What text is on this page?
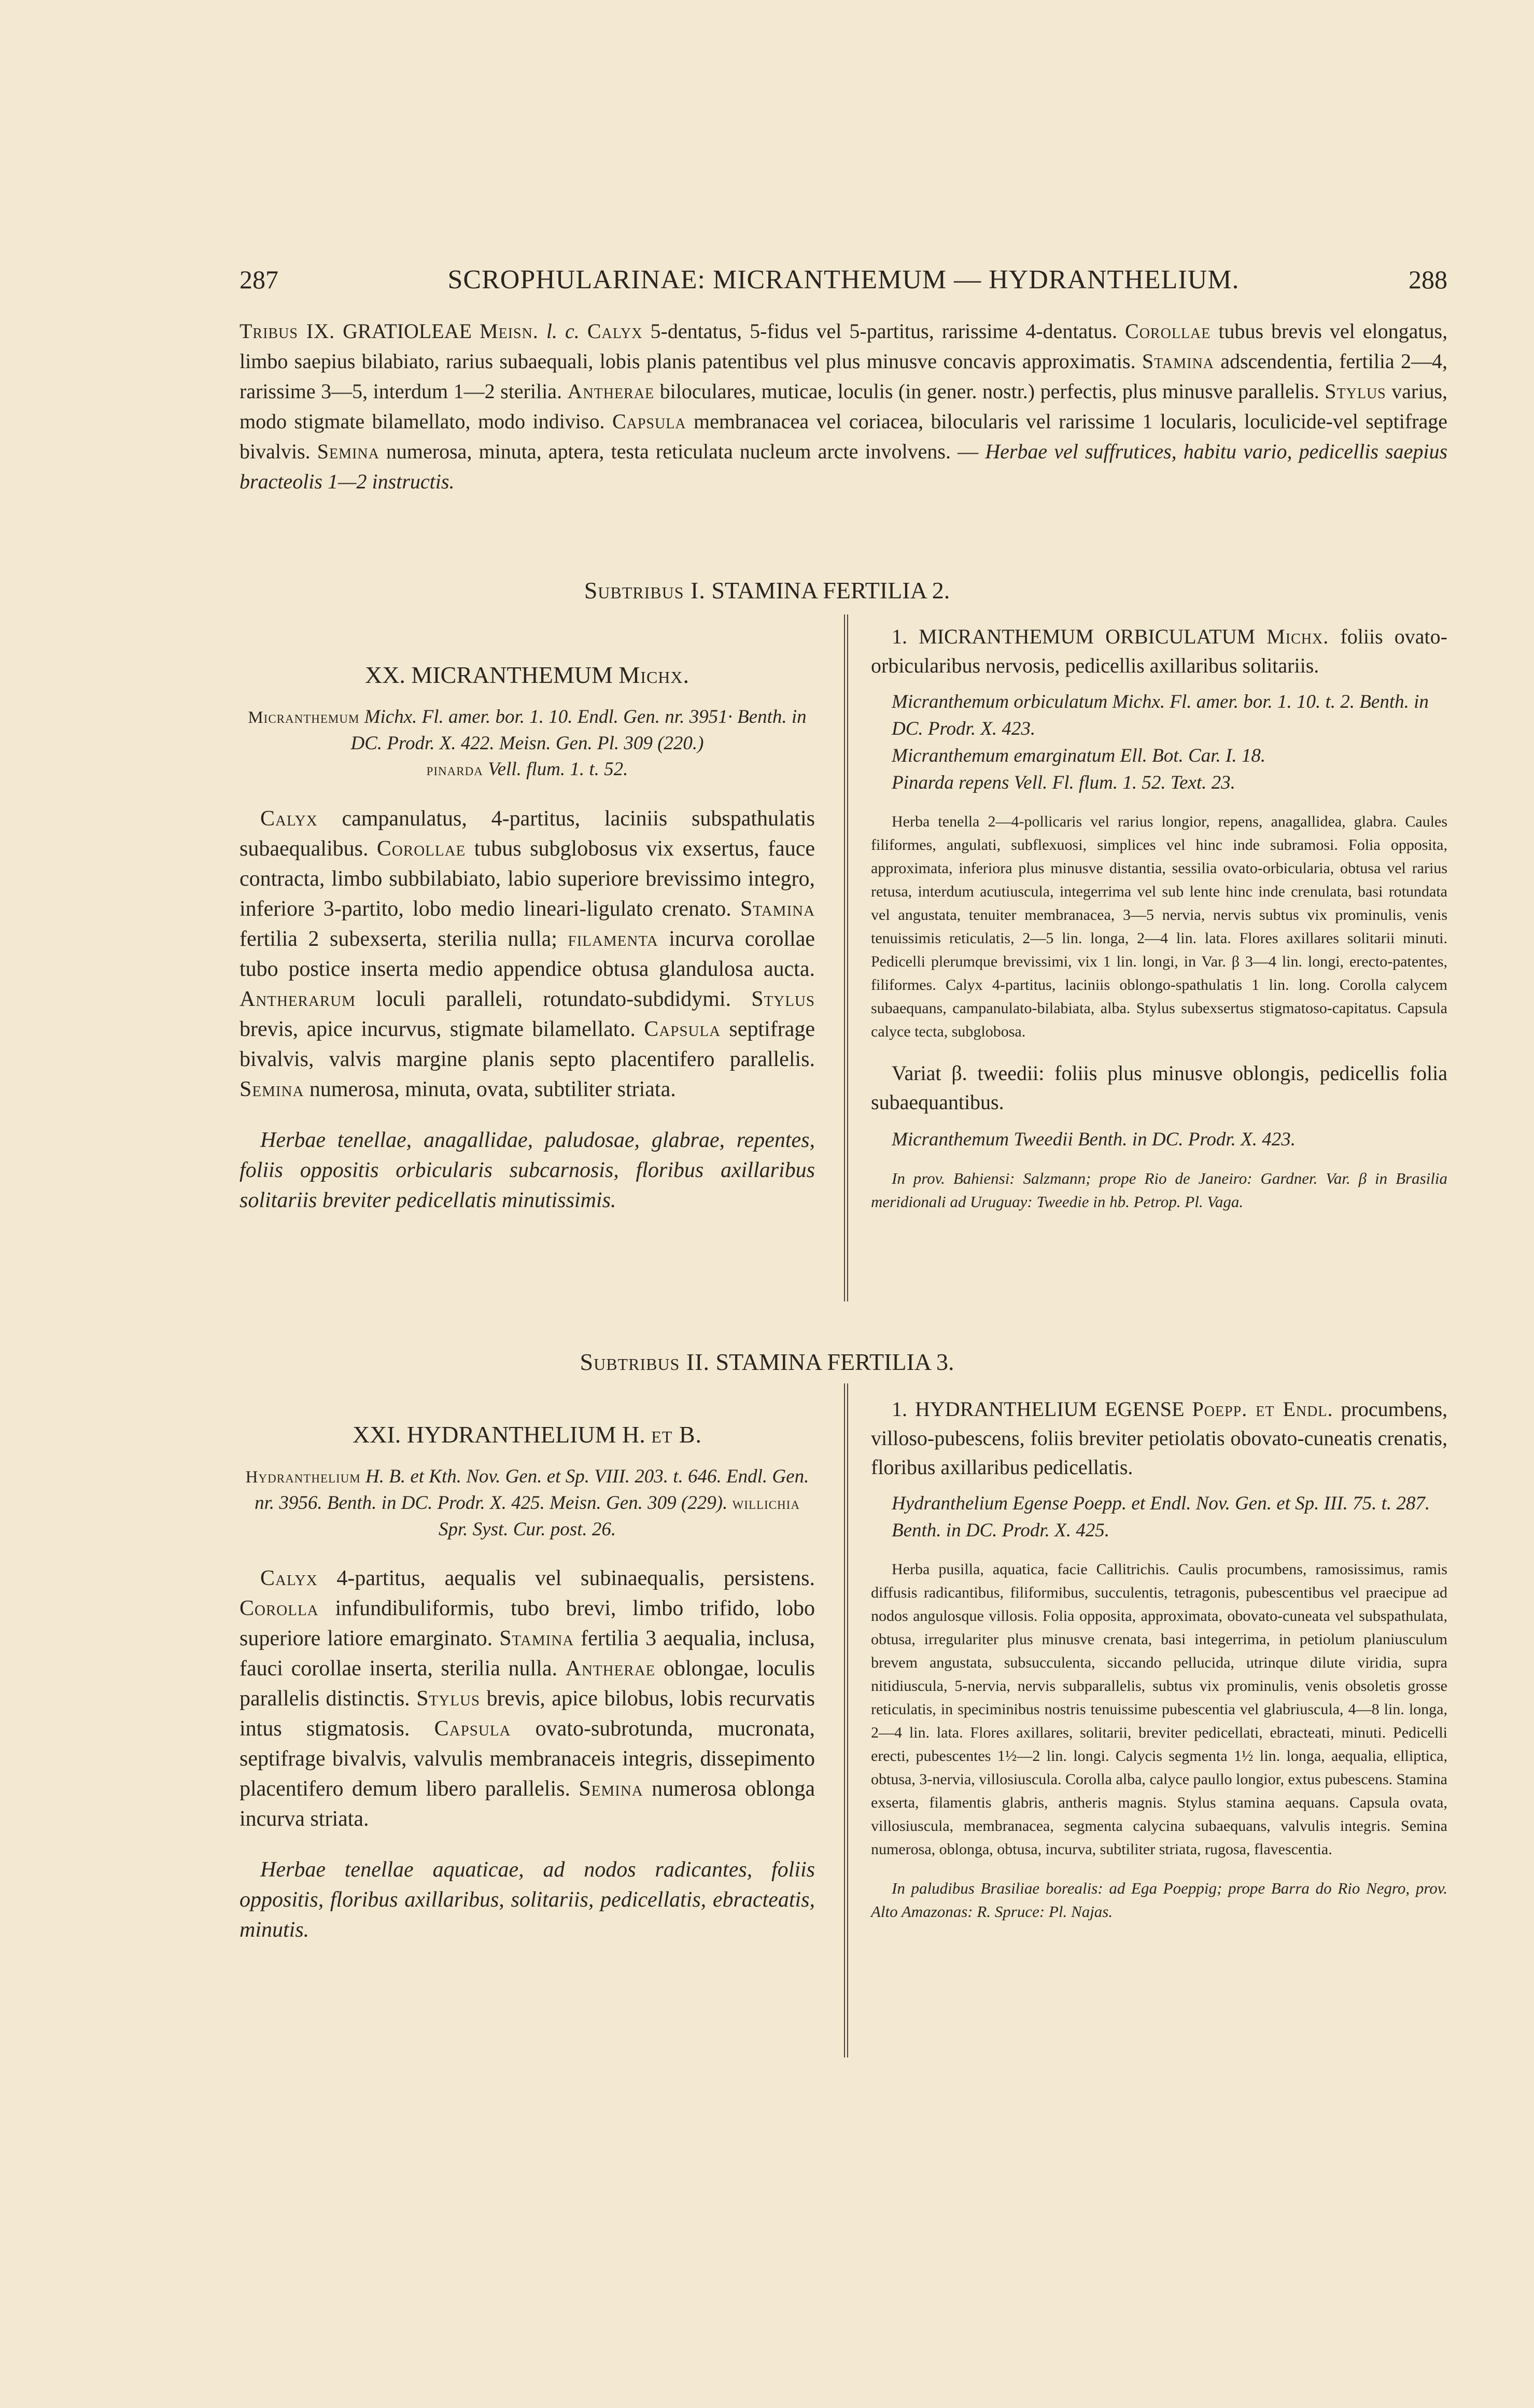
287	SCROPHULARINAE: MICRANTHEMUM — HYDRANTHELIUM.	288
Tribus IX. GRATIOLEAE Meisn. l. c. Calyx 5-dentatus, 5-fidus vel 5-partitus, rarissime 4-dentatus. Corollae tubus brevis vel elongatus, limbo saepius bilabiato, rarius subaequali, lobis planis patentibus vel plus minusve concavis approximatis. Stamina adscendentia, fertilia 2—4, rarissime 3—5, interdum 1—2 sterilia. Antherae biloculares, muticae, loculis (in gener. nostr.) perfectis, plus minusve parallelis. Stylus varius, modo stigmate bilamellato, modo indiviso. Capsula membranacea vel coriacea, bilocularis vel rarissime 1 locularis, loculicide-vel septifrage bivalvis. Semina numerosa, minuta, aptera, testa reticulata nucleum arcte involvens. — Herbae vel suffrutices, habitu vario, pedicellis saepius bracteolis 1—2 instructis.
Subtribus I. STAMINA FERTILIA 2.
XX. MICRANTHEMUM Michx.
Micranthemum Michx. Fl. amer. bor. 1. 10. Endl. Gen. nr. 3951· Benth. in DC. Prodr. X. 422. Meisn. Gen. Pl. 309 (220.)
pinarda Vell. flum. 1. t. 52.

Calyx campanulatus, 4-partitus, laciniis subspathulatis subaequalibus. Corollae tubus subglobosus vix exsertus, fauce contracta, limbo subbilabiato, labio superiore brevissimo integro, inferiore 3-partito, lobo medio lineari-ligulato crenato. Stamina fertilia 2 subexserta, sterilia nulla; filamenta incurva corollae tubo postice inserta medio appendice obtusa glandulosa aucta. Antherarum loculi paralleli, rotundato-subdidymi. Stylus brevis, apice incurvus, stigmate bilamellato. Capsula septifrage bivalvis, valvis margine planis septo placentifero parallelis. Semina numerosa, minuta, ovata, subtiliter striata.

Herbae tenellae, anagallidae, paludosae, glabrae, repentes, foliis oppositis orbicularis subcarnosis, floribus axillaribus solitariis breviter pedicellatis minutissimis.

1. MICRANTHEMUM ORBICULATUM Michx. foliis ovato-orbicularibus nervosis, pedicellis axillaribus solitariis.

Micranthemum orbiculatum Michx. Fl. amer. bor. 1. 10. t. 2. Benth. in DC. Prodr. X. 423.
Micranthemum emarginatum Ell. Bot. Car. I. 18.
Pinarda repens Vell. Fl. flum. 1. 52. Text. 23.

Herba tenella 2—4-pollicaris vel rarius longior, repens, anagallidea, glabra. Caules filiformes, angulati, subflexuosi, simplices vel hinc inde subramosi. Folia opposita, approximata, inferiora plus minusve distantia, sessilia ovato-orbicularia, obtusa vel rarius retusa, interdum acutiuscula, integerrima vel sub lente hinc inde crenulata, basi rotundata vel angustata, tenuiter membranacea, 3—5 nervia, nervis subtus vix prominulis, venis tenuissimis reticulatis, 2—5 lin. longa, 2—4 lin. lata. Flores axillares solitarii minuti. Pedicelli plerumque brevissimi, vix 1 lin. longi, in Var. β 3—4 lin. longi, erecto-patentes, filiformes. Calyx 4-partitus, laciniis oblongo-spathulatis 1 lin. long. Corolla calycem subaequans, campanulato-bilabiata, alba. Stylus subexsertus stigmatoso-capitatus. Capsula calyce tecta, subglobosa.

Variat β. tweedii: foliis plus minusve oblongis, pedicellis folia subaequantibus.

Micranthemum Tweedii Benth. in DC. Prodr. X. 423.

In prov. Bahiensi: Salzmann; prope Rio de Janeiro: Gardner. Var. β in Brasilia meridionali ad Uruguay: Tweedie in hb. Petrop. Pl. Vaga.

Subtribus II. STAMINA FERTILIA 3.
XXI. HYDRANTHELIUM H. et B.
Hydranthelium H. B. et Kth. Nov. Gen. et Sp. VIII. 203. t. 646. Endl. Gen. nr. 3956. Benth. in DC. Prodr. X. 425. Meisn. Gen. 309 (229). willichia Spr. Syst. Cur. post. 26.

Calyx 4-partitus, aequalis vel subinaequalis, persistens. Corolla infundibuliformis, tubo brevi, limbo trifido, lobo superiore latiore emarginato. Stamina fertilia 3 aequalia, inclusa, fauci corollae inserta, sterilia nulla. Antherae oblongae, loculis parallelis distinctis. Stylus brevis, apice bilobus, lobis recurvatis intus stigmatosis. Capsula ovato-subrotunda, mucronata, septifrage bivalvis, valvulis membranaceis integris, dissepimento placentifero demum libero parallelis. Semina numerosa oblonga incurva striata.

Herbae tenellae aquaticae, ad nodos radicantes, foliis oppositis, floribus axillaribus, solitariis, pedicellatis, ebracteatis, minutis.

1. HYDRANTHELIUM EGENSE Poepp. et Endl. procumbens, villoso-pubescens, foliis breviter petiolatis obovato-cuneatis crenatis, floribus axillaribus pedicellatis.

Hydranthelium Egense Poepp. et Endl. Nov. Gen. et Sp. III. 75. t. 287. Benth. in DC. Prodr. X. 425.

Herba pusilla, aquatica, facie Callitrichis. Caulis procumbens, ramosissimus, ramis diffusis radicantibus, filiformibus, succulentis, tetragonis, pubescentibus vel praecipue ad nodos angulosque villosis. Folia opposita, approximata, obovato-cuneata vel subspathulata, obtusa, irregulariter plus minusve crenata, basi integerrima, in petiolum planiusculum brevem angustata, subsucculenta, siccando pellucida, utrinque dilute viridia, supra nitidiuscula, 5-nervia, nervis subparallelis, subtus vix prominulis, venis obsoletis grosse reticulatis, in speciminibus nostris tenuissime pubescentia vel glabriuscula, 4—8 lin. longa, 2—4 lin. lata. Flores axillares, solitarii, breviter pedicellati, ebracteati, minuti. Pedicelli erecti, pubescentes 1½—2 lin. longi. Calycis segmenta 1½ lin. longa, aequalia, elliptica, obtusa, 3-nervia, villosiuscula. Corolla alba, calyce paullo longior, extus pubescens. Stamina exserta, filamentis glabris, antheris magnis. Stylus stamina aequans. Capsula ovata, villosiuscula, membranacea, segmenta calycina subaequans, valvulis integris. Semina numerosa, oblonga, obtusa, incurva, subtiliter striata, rugosa, flavescentia.

In paludibus Brasiliae borealis: ad Ega Poeppig; prope Barra do Rio Negro, prov. Alto Amazonas: R. Spruce: Pl. Najas.
